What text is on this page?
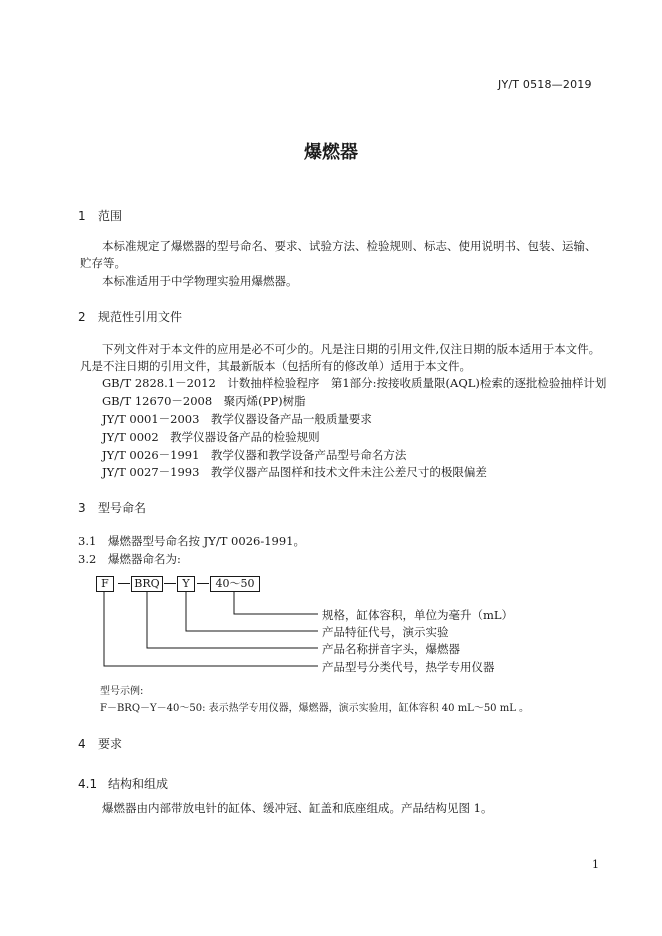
JY/T 0518—2019
爆燃器
1 范围
本标准规定了爆燃器的型号命名、要求、试验方法、检验规则、标志、使用说明书、包装、运输、贮存等。
本标准适用于中学物理实验用爆燃器。
2 规范性引用文件
下列文件对于本文件的应用是必不可少的。凡是注日期的引用文件,仅注日期的版本适用于本文件。凡是不注日期的引用文件，其最新版本（包括所有的修改单）适用于本文件。
GB/T 2828.1－2012　计数抽样检验程序　第1部分:按接收质量限(AQL)检索的逐批检验抽样计划
GB/T 12670－2008　聚丙烯(PP)树脂
JY/T 0001－2003　教学仪器设备产品一般质量要求
JY/T 0002　教学仪器设备产品的检验规则
JY/T 0026－1991　教学仪器和教学设备产品型号命名方法
JY/T 0027－1993　教学仪器产品图样和技术文件未注公差尺寸的极限偏差
3 型号命名
3.1 爆燃器型号命名按 JY/T 0026-1991。
3.2 爆燃器命名为:
F	BRQ	Y	40～50
规格，缸体容积，单位为毫升（mL）
产品特征代号，演示实验
产品名称拼音字头，爆燃器
产品型号分类代号，热学专用仪器
型号示例:
F－BRQ－Y－40～50: 表示热学专用仪器，爆燃器，演示实验用，缸体容积 40 mL～50 mL 。
4 要求
4.1 结构和组成
爆燃器由内部带放电针的缸体、缓冲冠、缸盖和底座组成。产品结构见图 1。
1
